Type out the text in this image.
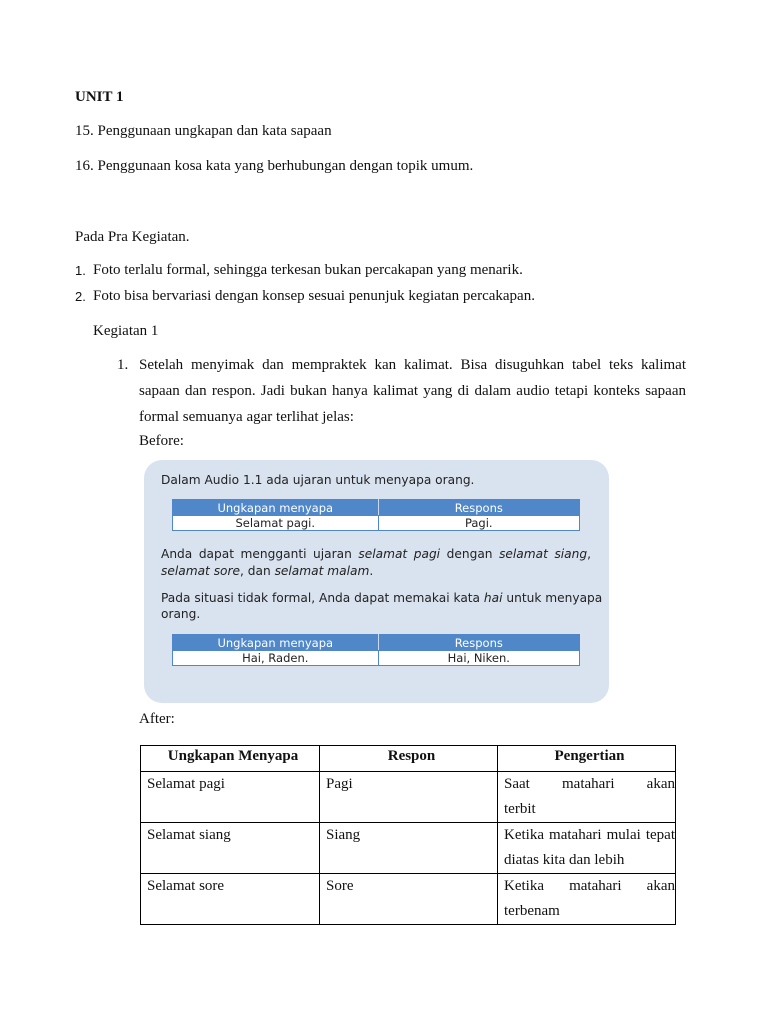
UNIT 1
15. Penggunaan ungkapan dan kata sapaan
16. Penggunaan kosa kata yang berhubungan dengan topik umum.
Pada Pra Kegiatan.
1. Foto terlalu formal, sehingga terkesan bukan percakapan yang menarik.
2. Foto bisa bervariasi dengan konsep sesuai penunjuk kegiatan percakapan.
Kegiatan 1
1. Setelah menyimak dan mempraktek kan kalimat. Bisa disuguhkan tabel teks kalimat sapaan dan respon. Jadi bukan hanya kalimat yang di dalam audio tetapi konteks sapaan formal semuanya agar terlihat jelas:
Before:
Dalam Audio 1.1 ada ujaran untuk menyapa orang.
Ungkapan menyapa	Respons
Selamat pagi.	Pagi.
Anda dapat mengganti ujaran selamat pagi dengan selamat siang,
selamat sore, dan selamat malam.
Pada situasi tidak formal, Anda dapat memakai kata hai untuk menyapa
orang.
Ungkapan menyapa	Respons
Hai, Raden.	Hai, Niken.
After:
Ungkapan Menyapa	Respon	Pengertian
Selamat pagi	Pagi	Saat matahari akan
terbit

Selamat siang	Siang	Ketika matahari mulai tepat
diatas kita dan lebih

Selamat sore	Sore	Ketika matahari akan
terbenam
